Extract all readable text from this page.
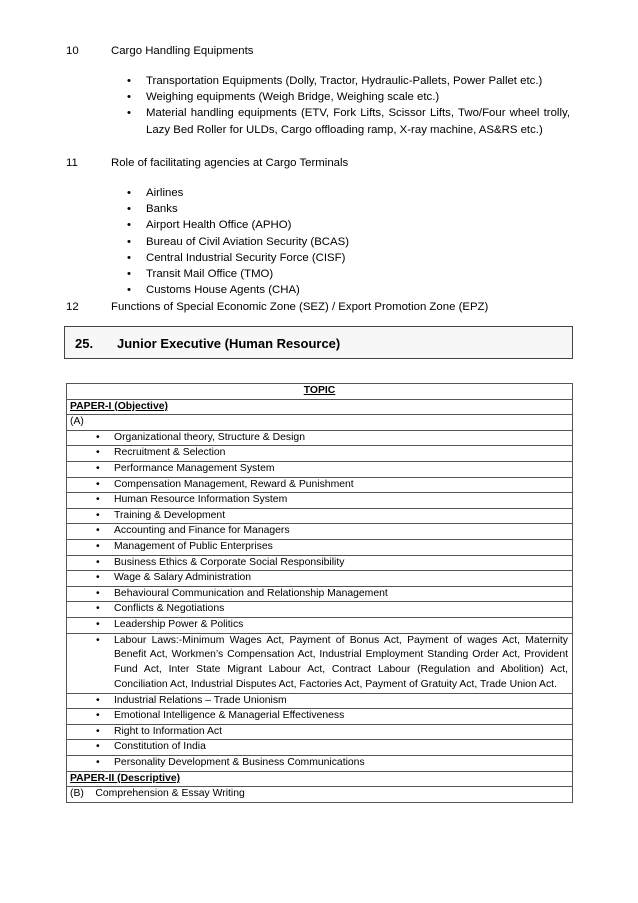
10	Cargo Handling Equipments
• Transportation Equipments (Dolly, Tractor, Hydraulic-Pallets, Power Pallet etc.)
• Weighing equipments (Weigh Bridge, Weighing scale etc.)
• Material handling equipments (ETV, Fork Lifts, Scissor Lifts, Two/Four wheel trolly, Lazy Bed Roller for ULDs, Cargo offloading ramp, X-ray machine, AS&RS etc.)
11	Role of facilitating agencies at Cargo Terminals
• Airlines
• Banks
• Airport Health Office (APHO)
• Bureau of Civil Aviation Security (BCAS)
• Central Industrial Security Force (CISF)
• Transit Mail Office (TMO)
• Customs House Agents (CHA)
12	Functions of Special Economic Zone (SEZ) / Export Promotion Zone (EPZ)
25. Junior Executive (Human Resource)
TOPIC
PAPER-I (Objective)
(A)

• Organizational theory, Structure & Design

• Recruitment & Selection

• Performance Management System

• Compensation Management, Reward & Punishment

• Human Resource Information System

• Training & Development

• Accounting and Finance for Managers

• Management of Public Enterprises

• Business Ethics & Corporate Social Responsibility

• Wage & Salary Administration

• Behavioural Communication and Relationship Management

• Conflicts & Negotiations

• Leadership Power & Politics

• Labour Laws:-Minimum Wages Act, Payment of Bonus Act, Payment of wages Act, Maternity Benefit Act, Workmen’s Compensation Act, Industrial Employment Standing Order Act, Provident Fund Act, Inter State Migrant Labour Act, Contract Labour (Regulation and Abolition) Act, Conciliation Act, Industrial Disputes Act, Factories Act, Payment of Gratuity Act, Trade Union Act.

• Industrial Relations – Trade Unionism

• Emotional Intelligence & Managerial Effectiveness

• Right to Information Act

• Constitution of India

• Personality Development & Business Communications
PAPER-II (Descriptive)
(B)    Comprehension & Essay Writing
